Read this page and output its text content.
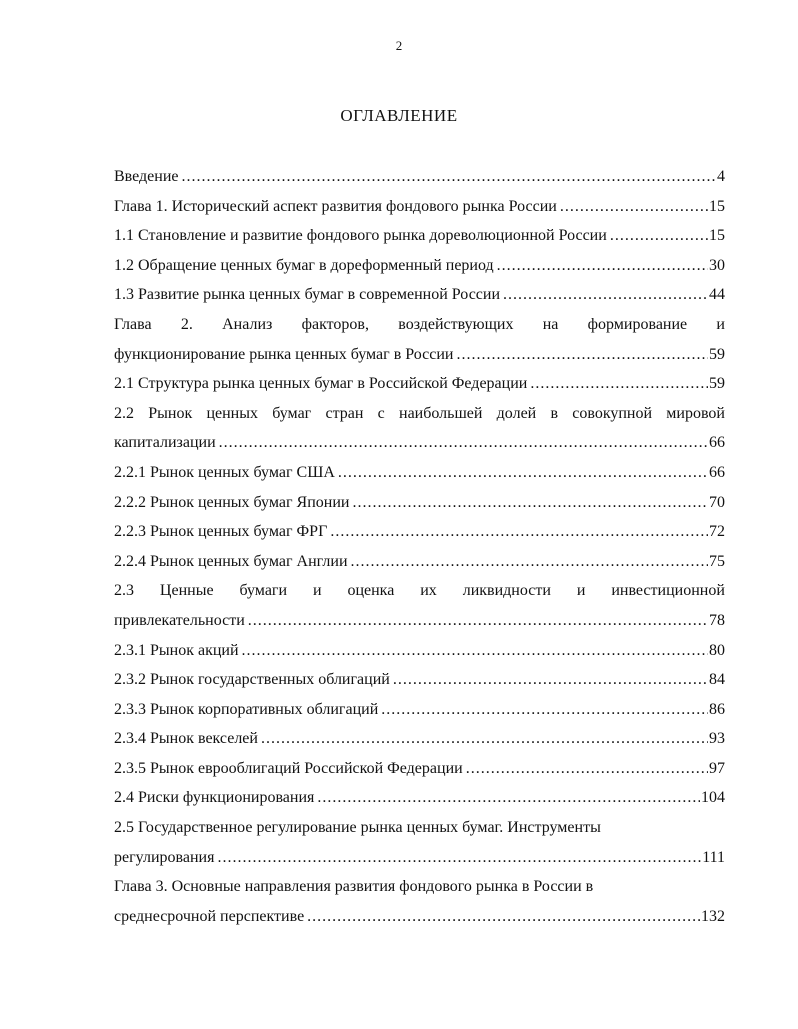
2
ОГЛАВЛЕНИЕ
Введение .....	4
Глава 1. Исторический аспект развития фондового рынка России .....	15
1.1 Становление и развитие фондового рынка дореволюционной России .....	15
1.2 Обращение ценных бумаг в дореформенный период .....	30
1.3 Развитие рынка ценных бумаг в современной России .....	44
Глава 2. Анализ факторов, воздействующих на формирование и
функционирование рынка ценных бумаг в России .....	59
2.1 Структура рынка ценных бумаг в Российской Федерации .....	59
2.2 Рынок ценных бумаг стран с наибольшей долей в совокупной мировой
капитализации .....	66
2.2.1 Рынок ценных бумаг США .....	66
2.2.2 Рынок ценных бумаг Японии .....	70
2.2.3 Рынок ценных бумаг ФРГ .....	72
2.2.4 Рынок ценных бумаг Англии .....	75
2.3 Ценные бумаги и оценка их ликвидности и инвестиционной
привлекательности .....	78
2.3.1 Рынок акций .....	80
2.3.2 Рынок государственных облигаций .....	84
2.3.3 Рынок корпоративных облигаций .....	86
2.3.4 Рынок векселей .....	93
2.3.5 Рынок еврооблигаций Российской Федерации .....	97
2.4 Риски функционирования .....	104
2.5 Государственное регулирование рынка ценных бумаг. Инструменты
регулирования .....	111
Глава 3. Основные направления развития фондового рынка в России в
среднесрочной перспективе .....	132
